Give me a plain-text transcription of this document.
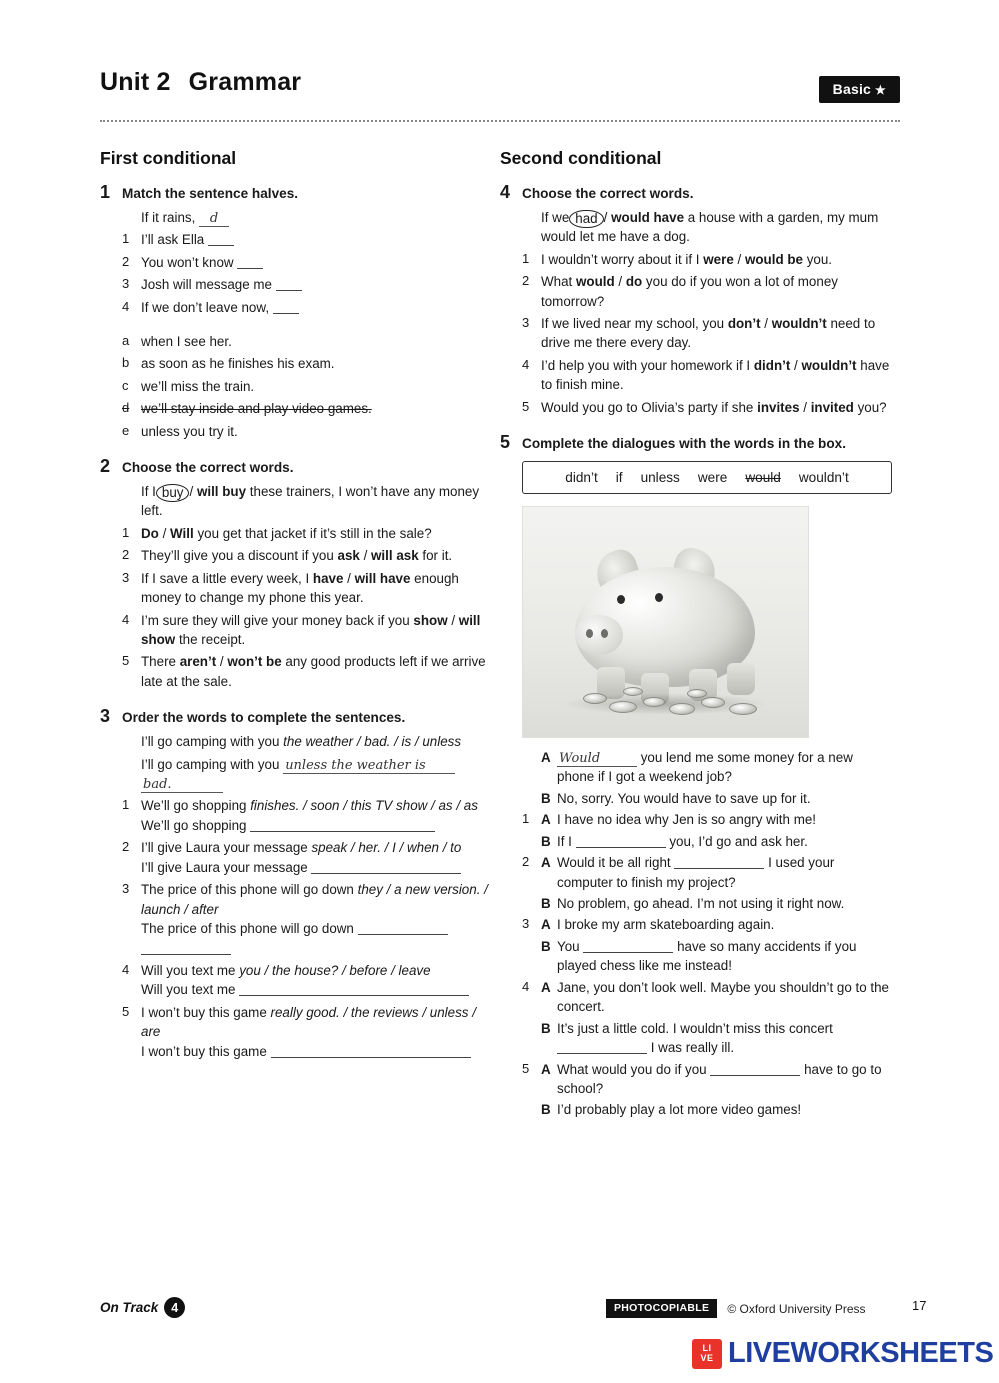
Unit 2 Grammar	Basic ★
First conditional
1 Match the sentence halves.
If it rains, d
1 I’ll ask Ella
2 You won’t know
3 Josh will message me
4 If we don’t leave now,
a when I see her.
b as soon as he finishes his exam.
c we’ll miss the train.
d we’ll stay inside and play video games.
e unless you try it.
2 Choose the correct words.
If I buy / will buy these trainers, I won’t have any money left.
1 Do / Will you get that jacket if it’s still in the sale?
2 They’ll give you a discount if you ask / will ask for it.
3 If I save a little every week, I have / will have enough money to change my phone this year.
4 I’m sure they will give your money back if you show / will show the receipt.
5 There aren’t / won’t be any good products left if we arrive late at the sale.
3 Order the words to complete the sentences.
I’ll go camping with you the weather / bad. / is / unless
I’ll go camping with you unless the weather is
bad.
1 We’ll go shopping finishes. / soon / this TV show / as / as
We’ll go shopping
2 I’ll give Laura your message speak / her. / I / when / to
I’ll give Laura your message
3 The price of this phone will go down they / a new version. / launch / after
The price of this phone will go down

4 Will you text me you / the house? / before / leave
Will you text me
5 I won’t buy this game really good. / the reviews / unless / are
I won’t buy this game
Second conditional
4 Choose the correct words.
If we had / would have a house with a garden, my mum would let me have a dog.
1 I wouldn’t worry about it if I were / would be you.
2 What would / do you do if you won a lot of money tomorrow?
3 If we lived near my school, you don’t / wouldn’t need to drive me there every day.
4 I’d help you with your homework if I didn’t / wouldn’t have to finish mine.
5 Would you go to Olivia’s party if she invites / invited you?
5 Complete the dialogues with the words in the box.
didn’t if unless were would wouldn’t
A Would	you lend me some money for a new phone if I got a weekend job?
B No, sorry. You would have to save up for it.
1 A I have no idea why Jen is so angry with me!
B If I	you, I’d go and ask her.
2 A Would it be all right	I used your computer to finish my project?
B No problem, go ahead. I’m not using it right now.
3 A I broke my arm skateboarding again.
B You	have so many accidents if you played chess like me instead!
4 A Jane, you don’t look well. Maybe you shouldn’t go to the concert.
B It’s just a little cold. I wouldn’t miss this concert  I was really ill.
5 A What would you do if you	have to go to school?
B I’d probably play a lot more video games!
On Track	4	PHOTOCOPIABLE	© Oxford University Press	17
LI
VE LIVEWORKSHEETS
